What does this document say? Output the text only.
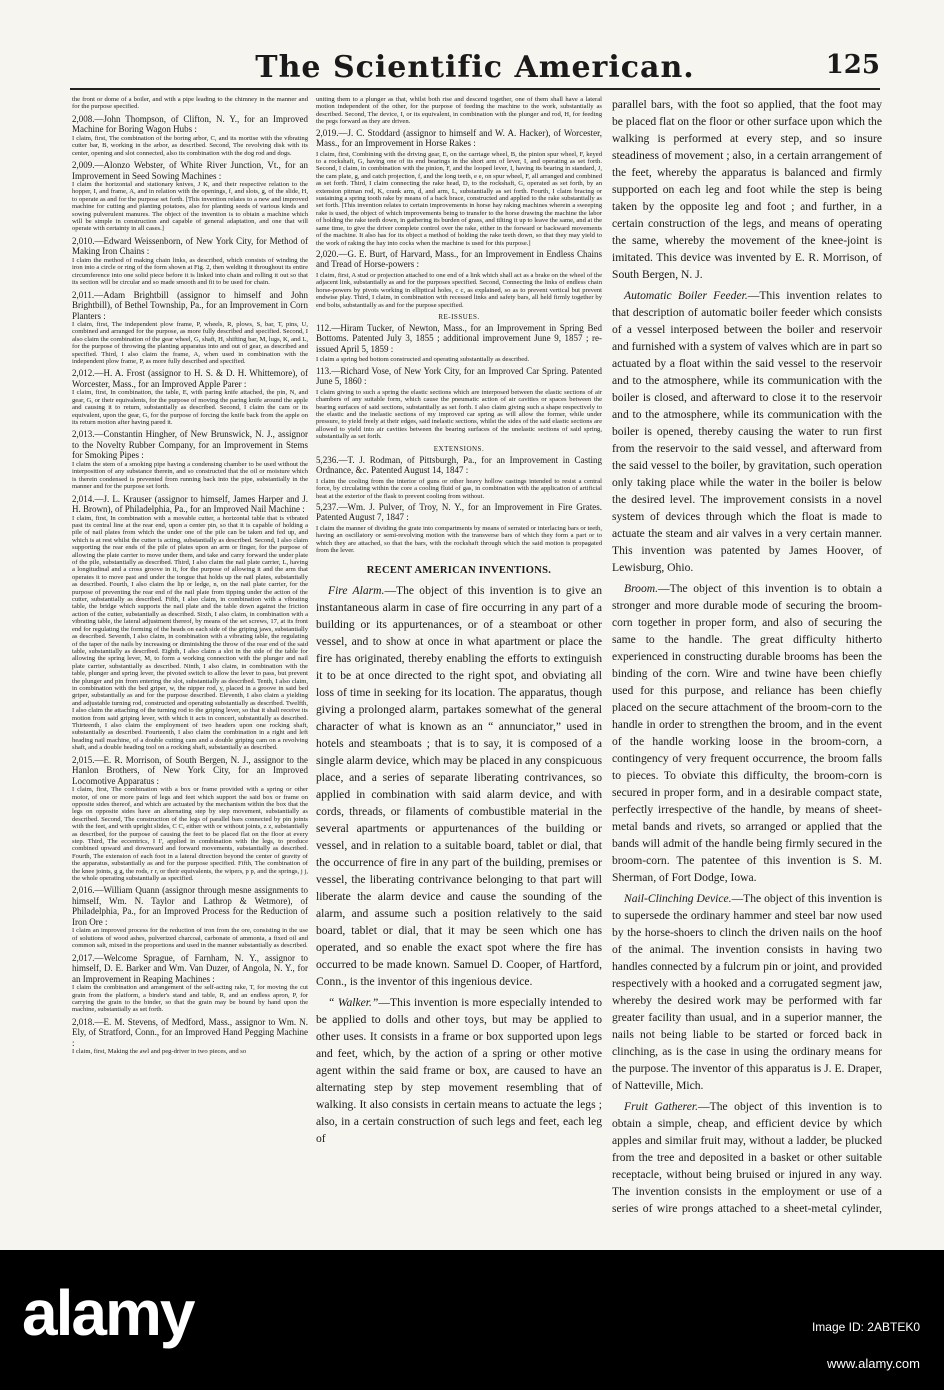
The Scientific American.	125

the front or dome of a boiler, and with a pipe leading to the chimney in the manner and for the purpose specified.

2,008.—John Thompson, of Clifton, N. Y., for an Improved Machine for Boring Wagon Hubs :

I claim, first, The combination of the boring arbor, C, and its mortise with the vibrating cutter bar, B, working in the arbor, as described. Second, The revolving disk with its center, opening and slot connected, also its combination with the dog rod and dogs.

2,009.—Alonzo Webster, of White River Junction, Vt., for an Improvement in Seed Sowing Machines :

I claim the horizontal and stationary knives, J K, and their respective relation to the hopper, I, and frame, A, and in relation with the openings, f, and slots, g, of the slide, H, to operate as and for the purpose set forth. [This invention relates to a new and improved machine for cutting and planting potatoes, also for planting seeds of various kinds and sowing pulverulent manures. The object of the invention is to obtain a machine which will be simple in construction and capable of general adaptation, and one that will operate with certainty in all cases.]

2,010.—Edward Weissenborn, of New York City, for Method of Making Iron Chains :

I claim the method of making chain links, as described, which consists of winding the iron into a circle or ring of the form shown at Fig. 2, then welding it throughout its entire circumference into one solid piece before it is linked into chain and rolling it out so that its section will be circular and so made smooth and fit to be used for chain.

2,011.—Adam Brightbill (assignor to himself and John Brightbill), of Bethel Township, Pa., for an Improvement in Corn Planters :

I claim, first, The independent plow frame, P, wheels, R, plows, S, bar, T, pins, U, combined and arranged for the purpose, as more fully described and specified. Second, I also claim the combination of the gear wheel, G, shaft, H, shifting bar, M, lugs, K, and L, for the purpose of throwing the planting apparatus into and out of gear, as described and specified. Third, I also claim the frame, A, when used in combination with the independent plow frame, P, as more fully described and specified.

2,012.—H. A. Frost (assignor to H. S. & D. H. Whittemore), of Worcester, Mass., for an Improved Apple Parer :

I claim, first, In combination, the table, E, with paring knife attached, the pin, N, and gear, G, or their equivalents, for the purpose of moving the paring knife around the apple and causing it to return, substantially as described. Second, I claim the cam or its equivalent, upon the gear, G, for the purpose of forcing the knife back from the apple on its return motion after having pared it.

2,013.—Constantin Hingher, of New Brunswick, N. J., assignor to the Novelty Rubber Company, for an Improvement in Stems for Smoking Pipes :

I claim the stem of a smoking pipe having a condensing chamber to be used without the interposition of any substance therein, and so constructed that the oil or moisture which is therein condensed is prevented from running back into the pipe, substantially in the manner and for the purpose set forth.

2,014.—J. L. Krauser (assignor to himself, James Harper and J. H. Brown), of Philadelphia, Pa., for an Improved Nail Machine :

I claim, first, In combination with a movable cutter, a horizontal table that is vibrated past its central line at the rear end, upon a center pin, so that it is capable of holding a pile of nail plates from which the under one of the pile can be taken and fed up, and which is at rest whilst the cutter is acting, substantially as described. Second, I also claim supporting the rear ends of the pile of plates upon an arm or finger, for the purpose of allowing the plate carrier to move under them, and take and carry forward the under plate of the pile, substantially as described. Third, I also claim the nail plate carrier, L, having a longitudinal and a cross groove in it, for the purpose of allowing it and the arm that operates it to move past and under the tongue that holds up the nail plates, substantially as described. Fourth, I also claim the lip or ledge, n, on the nail plate carrier, for the purpose of preventing the rear end of the nail plate from tipping under the action of the cutter, substantially as described. Fifth, I also claim, in combination with a vibrating table, the bridge which supports the nail plate and the table down against the friction action of the cutter, substantially as described. Sixth, I also claim, in combination with a vibrating table, the lateral adjustment thereof, by means of the set screws, 17, at its front end for regulating the forming of the heads on each side of the griping jaws, substantially as described. Seventh, I also claim, in combination with a vibrating table, the regulating of the taper of the nails by increasing or diminishing the throw of the rear end of the said table, substantially as described. Eighth, I also claim a slot in the side of the table for allowing the spring lever, M, to form a working connection with the plunger and nail plate carrier, substantially as described. Ninth, I also claim, in combination with the table, plunger and spring lever, the pivoted switch to allow the lever to pass, but prevent the plunger and pin from entering the slot, substantially as described. Tenth, I also claim, in combination with the bed griper, w, the nipper rod, y, placed in a groove in said bed griper, substantially as and for the purpose described. Eleventh, I also claim a yielding and adjustable turning rod, constructed and operating substantially as described. Twelfth, I also claim the attaching of the turning rod to the griping lever, so that it shall receive its motion from said griping lever, with which it acts in concert, substantially as described. Thirteenth, I also claim the employment of two headers upon one rocking shaft, substantially as described. Fourteenth, I also claim the combination in a right and left heading nail machine, of a double cutting cam and a double griping cam on a revolving shaft, and a double heading tool on a rocking shaft, substantially as described.

2,015.—E. R. Morrison, of South Bergen, N. J., assignor to the Hanlon Brothers, of New York City, for an Improved Locomotive Apparatus :

I claim, first, The combination with a box or frame provided with a spring or other motor, of one or more pairs of legs and feet which support the said box or frame on opposite sides thereof, and which are actuated by the mechanism within the box that the legs on opposite sides have an alternating step by step movement, substantially as described. Second, The construction of the legs of parallel bars connected by pin joints with the feet, and with upright slides, C C, either with or without joints, z z, substantially as described, for the purpose of causing the feet to be placed flat on the floor at every step. Third, The eccentrics, I I', applied in combination with the legs, to produce combined upward and downward and forward movements, substantially as described. Fourth, The extension of each foot in a lateral direction beyond the center of gravity of the apparatus, substantially as and for the purpose specified. Fifth, The combination of the knee joints, g g, the rods, r r, or their equivalents, the wipers, p p, and the springs, j j, the whole operating substantially as specified.

2,016.—William Quann (assignor through mesne assignments to himself, Wm. N. Taylor and Lathrop & Wetmore), of Philadelphia, Pa., for an Improved Process for the Reduction of Iron Ore :

I claim an improved process for the reduction of iron from the ore, consisting in the use of solutions of wood ashes, pulverized charcoal, carbonate of ammonia, a fixed oil and common salt, mixed in the proportions and used in the manner substantially as described.

2,017.—Welcome Sprague, of Farnham, N. Y., assignor to himself, D. E. Barker and Wm. Van Duzer, of Angola, N. Y., for an Improvement in Reaping Machines :

I claim the combination and arrangement of the self-acting rake, T, for moving the cut grain from the platform, a binder's stand and table, R, and an endless apron, P, for carrying the grain to the binder, so that the grain may be bound by hand upon the machine, substantially as set forth.

2,018.—E. M. Stevens, of Medford, Mass., assignor to Wm. N. Ely, of Stratford, Conn., for an Improved Hand Pegging Machine :

I claim, first, Making the awl and peg-driver in two pieces, and so

uniting them to a plunger as that, whilst both rise and descend together, one of them shall have a lateral motion independent of the other, for the purpose of feeding the machine to the work, substantially as described. Second, The device, I, or its equivalent, in combination with the plunger and rod, H, for feeding the pegs forward as they are driven.

2,019.—J. C. Stoddard (assignor to himself and W. A. Hacker), of Worcester, Mass., for an Improvement in Horse Rakes :

I claim, first, Combining with the driving gear, E, on the carriage wheel, B, the pinion spur wheel, F, keyed to a rockshaft, G, having one of its end bearings in the short arm of lever, I, and operating as set forth. Second, I claim, in combination with the pinion, F, and the looped lever, I, having its bearing in standard, J, the cam plate, g, and catch projection, f, and the long teeth, e e, on spur wheel, F, all arranged and combined as set forth. Third, I claim connecting the rake head, D, to the rockshaft, G, operated as set forth, by an extension pitman rod, K, crank arm, d, and arm, L, substantially as set forth. Fourth, I claim bracing or sustaining a spring tooth rake by means of a back brace, constructed and applied to the rake substantially as set forth. [This invention relates to certain improvements in horse hay raking machines wherein a sweeping rake is used, the object of which improvements being to transfer to the horse drawing the machine the labor of holding the rake teeth down, in gathering its burden of grass, and tilting it up to leave the same, and at the same time, to give the driver complete control over the rake, either in the forward or backward movements of the machine. It also has for its object a method of holding the rake teeth down, so that they may yield to the work of raking the hay into cocks when the machine is used for this purpose.]

2,020.—G. E. Burt, of Harvard, Mass., for an Improvement in Endless Chains and Tread of Horse-powers :

I claim, first, A stud or projection attached to one end of a link which shall act as a brake on the wheel of the adjacent link, substantially as and for the purposes specified. Second, Connecting the links of endless chain horse-powers by pivots working in elliptical holes, c c, as explained, so as to prevent vertical but prevent endwise play. Third, I claim, in combination with recessed links and safety bars, all held firmly together by end bolts, substantially as and for the purpose specified.

RE-ISSUES.

112.—Hiram Tucker, of Newton, Mass., for an Improvement in Spring Bed Bottoms. Patented July 3, 1855 ; additional improvement June 9, 1857 ; re-issued April 5, 1859 :

I claim a spring bed bottom constructed and operating substantially as described.

113.—Richard Vose, of New York City, for an Improved Car Spring. Patented June 5, 1860 :

I claim giving to such a spring the elastic sections which are interposed between the elastic sections of air chambers of any suitable form, which cause the pneumatic action of air cavities or spaces between the bearing surfaces of said sections, substantially as set forth. I also claim giving such a shape respectively to the elastic and the inelastic sections of my improved car spring as will allow the former, while under pressure, to yield freely at their edges, said inelastic sections, whilst the sides of the said elastic sections are allowed to yield into air cavities between the bearing surfaces of the unelastic sections of said spring, substantially as set forth.

EXTENSIONS.

5,236.—T. J. Rodman, of Pittsburgh, Pa., for an Improvement in Casting Ordnance, &c. Patented August 14, 1847 :

I claim the cooling from the interior of guns or other heavy hollow castings intended to resist a central force, by circulating within the core a cooling fluid of gas, in combination with the application of artificial heat at the exterior of the flask to prevent cooling from without.

5,237.—Wm. J. Pulver, of Troy, N. Y., for an Improvement in Fire Grates. Patented August 7, 1847 :

I claim the manner of dividing the grate into compartments by means of serrated or interlacing bars or teeth, having an oscillatory or semi-revolving motion with the transverse bars of which they form a part or to which they are attached, so that the bars, with the rockshaft through which the said motion is propagated from the lever.

RECENT AMERICAN INVENTIONS.

Fire Alarm.—The object of this invention is to give an instantaneous alarm in case of fire occurring in any part of a building or its appurtenances, or of a steamboat or other vessel, and to show at once in what apartment or place the fire has originated, thereby enabling the efforts to extinguish it to be at once directed to the right spot, and obviating all loss of time in seeking for its location. The apparatus, though giving a prolonged alarm, partakes somewhat of the general character of what is known as an “ annunciator,” used in hotels and steamboats ; that is to say, it is composed of a single alarm device, which may be placed in any conspicuous place, and a series of separate liberating contrivances, so applied in combination with said alarm device, and with cords, threads, or filaments of combustible material in the several apartments or appurtenances of the building or vessel, and in relation to a suitable board, tablet or dial, that the occurrence of fire in any part of the building, premises or vessel, the liberating contrivance belonging to that part will liberate the alarm device and cause the sounding of the alarm, and assume such a position relatively to the said board, tablet or dial, that it may be seen which one has operated, and so enable the exact spot where the fire has occurred to be made known. Samuel D. Cooper, of Hartford, Conn., is the inventor of this ingenious device.

“ Walker.”—This invention is more especially intended to be applied to dolls and other toys, but may be applied to other uses. It consists in a frame or box supported upon legs and feet, which, by the action of a spring or other motive agent within the said frame or box, are caused to have an alternating step by step movement resembling that of walking. It also consists in certain means to actuate the legs ; also, in a certain construction of such legs and feet, each leg of

parallel bars, with the foot so applied, that the foot may be placed flat on the floor or other surface upon which the walking is performed at every step, and so insure steadiness of movement ; also, in a certain arrangement of the feet, whereby the apparatus is balanced and firmly supported on each leg and foot while the step is being taken by the opposite leg and foot ; and further, in a certain construction of the legs, and means of operating the same, whereby the movement of the knee-joint is imitated. This device was invented by E. R. Morrison, of South Bergen, N. J.

Automatic Boiler Feeder.—This invention relates to that description of automatic boiler feeder which consists of a vessel interposed between the boiler and reservoir and furnished with a system of valves which are in part so actuated by a float within the said vessel to the reservoir and to the atmosphere, while its communication with the boiler is closed, and afterward to close it to the reservoir and to the atmosphere, while its communication with the boiler is opened, thereby causing the water to run first from the reservoir to the said vessel, and afterward from the said vessel to the boiler, by gravitation, such operation only taking place while the water in the boiler is below the desired level. The improvement consists in a novel system of devices through which the float is made to actuate the steam and air valves in a very certain manner. This invention was patented by James Hoover, of Lewisburg, Ohio.

Broom.—The object of this invention is to obtain a stronger and more durable mode of securing the broom-corn together in proper form, and also of securing the same to the handle. The great difficulty hitherto experienced in constructing durable brooms has been the binding of the corn. Wire and twine have been chiefly used for this purpose, and reliance has been chiefly placed on the secure attachment of the broom-corn to the handle in order to strengthen the broom, and in the event of the handle working loose in the broom-corn, a contingency of very frequent occurrence, the broom falls to pieces. To obviate this difficulty, the broom-corn is secured in proper form, and in a desirable compact state, perfectly irrespective of the handle, by means of sheet-metal bands and rivets, so arranged or applied that the bands will admit of the handle being firmly secured in the broom-corn. The patentee of this invention is S. M. Sherman, of Fort Dodge, Iowa.

Nail-Clinching Device.—The object of this invention is to supersede the ordinary hammer and steel bar now used by the horse-shoers to clinch the driven nails on the hoof of the animal. The invention consists in having two handles connected by a fulcrum pin or joint, and provided respectively with a hooked and a corrugated segment jaw, whereby the desired work may be performed with far greater facility than usual, and in a superior manner, the nails not being liable to be started or forced back in clinching, as is the case in using the ordinary means for the purpose. The inventor of this apparatus is J. E. Draper, of Natteville, Mich.

Fruit Gatherer.—The object of this invention is to obtain a simple, cheap, and efficient device by which apples and similar fruit may, without a ladder, be plucked from the tree and deposited in a basket or other suitable receptacle, without being bruised or injured in any way. The invention consists in the employment or use of a series of wire prongs attached to a sheet-metal cylinder,

alamy	Image ID: 2ABTEK0
www.alamy.com
